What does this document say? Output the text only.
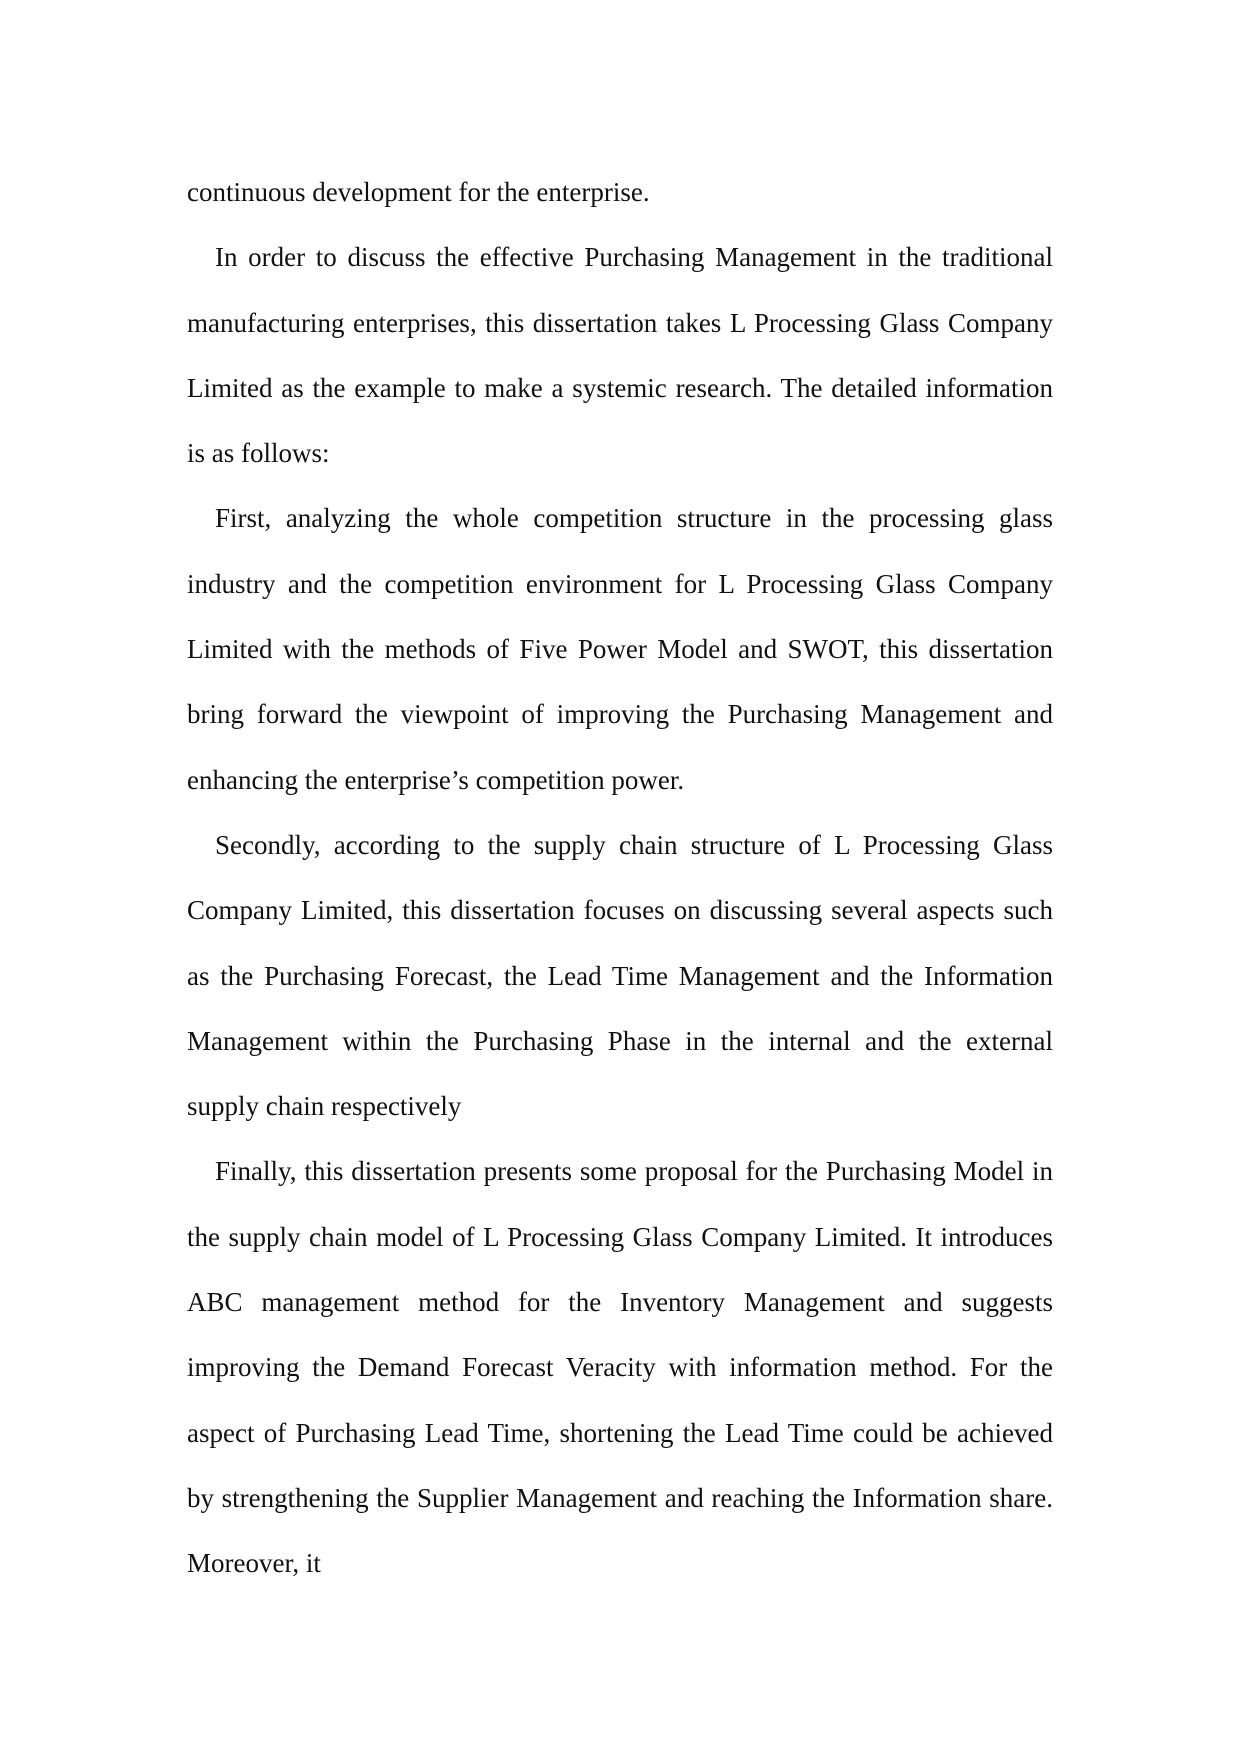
continuous development for the enterprise.

In order to discuss the effective Purchasing Management in the traditional manufacturing enterprises, this dissertation takes L Processing Glass Company Limited as the example to make a systemic research. The detailed information is as follows:

First, analyzing the whole competition structure in the processing glass industry and the competition environment for L Processing Glass Company Limited with the methods of Five Power Model and SWOT, this dissertation bring forward the viewpoint of improving the Purchasing Management and enhancing the enterprise’s competition power.

Secondly, according to the supply chain structure of L Processing Glass Company Limited, this dissertation focuses on discussing several aspects such as the Purchasing Forecast, the Lead Time Management and the Information Management within the Purchasing Phase in the internal and the external supply chain respectively

Finally, this dissertation presents some proposal for the Purchasing Model in the supply chain model of L Processing Glass Company Limited. It introduces ABC management method for the Inventory Management and suggests improving the Demand Forecast Veracity with information method. For the aspect of Purchasing Lead Time, shortening the Lead Time could be achieved by strengthening the Supplier Management and reaching the Information share. Moreover, it
